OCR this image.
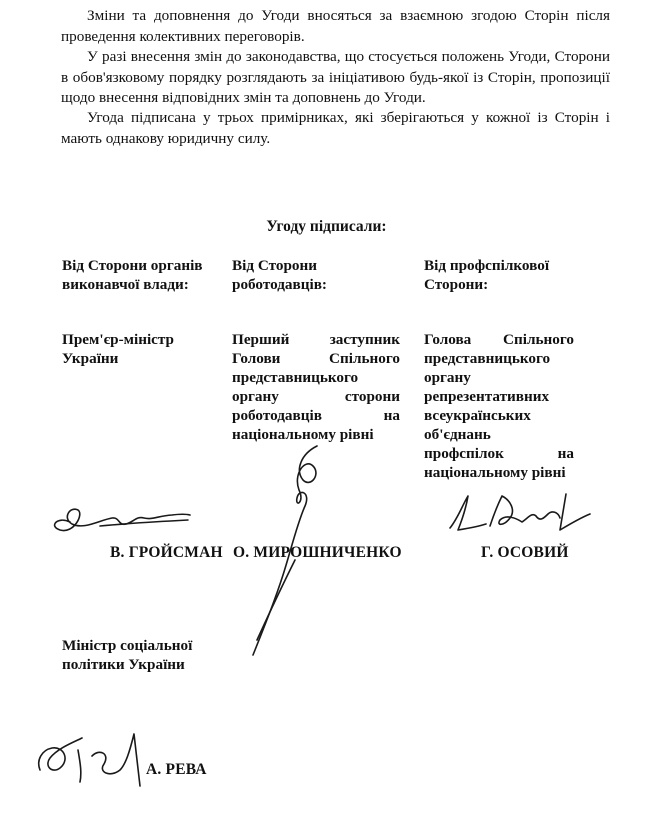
Зміни та доповнення до Угоди вносяться за взаємною згодою Сторін після проведення колективних переговорів.

У разі внесення змін до законодавства, що стосується положень Угоди, Сторони в обов'язковому порядку розглядають за ініціативою будь-якої із Сторін, пропозиції щодо внесення відповідних змін та доповнень до Угоди.

Угода підписана у трьох примірниках, які зберігаються у кожної із Сторін і мають однакову юридичну силу.

Угоду підписали:
Від Сторони органів виконавчої влади:
Від Сторони роботодавців:
Від профспілкової Сторони:
Прем'єр-міністр України
Перший заступник Голови Спільного представницького органу сторони роботодавців на національному рівні
Голова Спільного представницького органу репрезентативних всеукраїнських об'єднань профспілок на національному рівні
В. ГРОЙСМАН О. МИРОШНИЧЕНКО	Г. ОСОВИЙ
Міністр соціальної політики України
А. РЕВА
